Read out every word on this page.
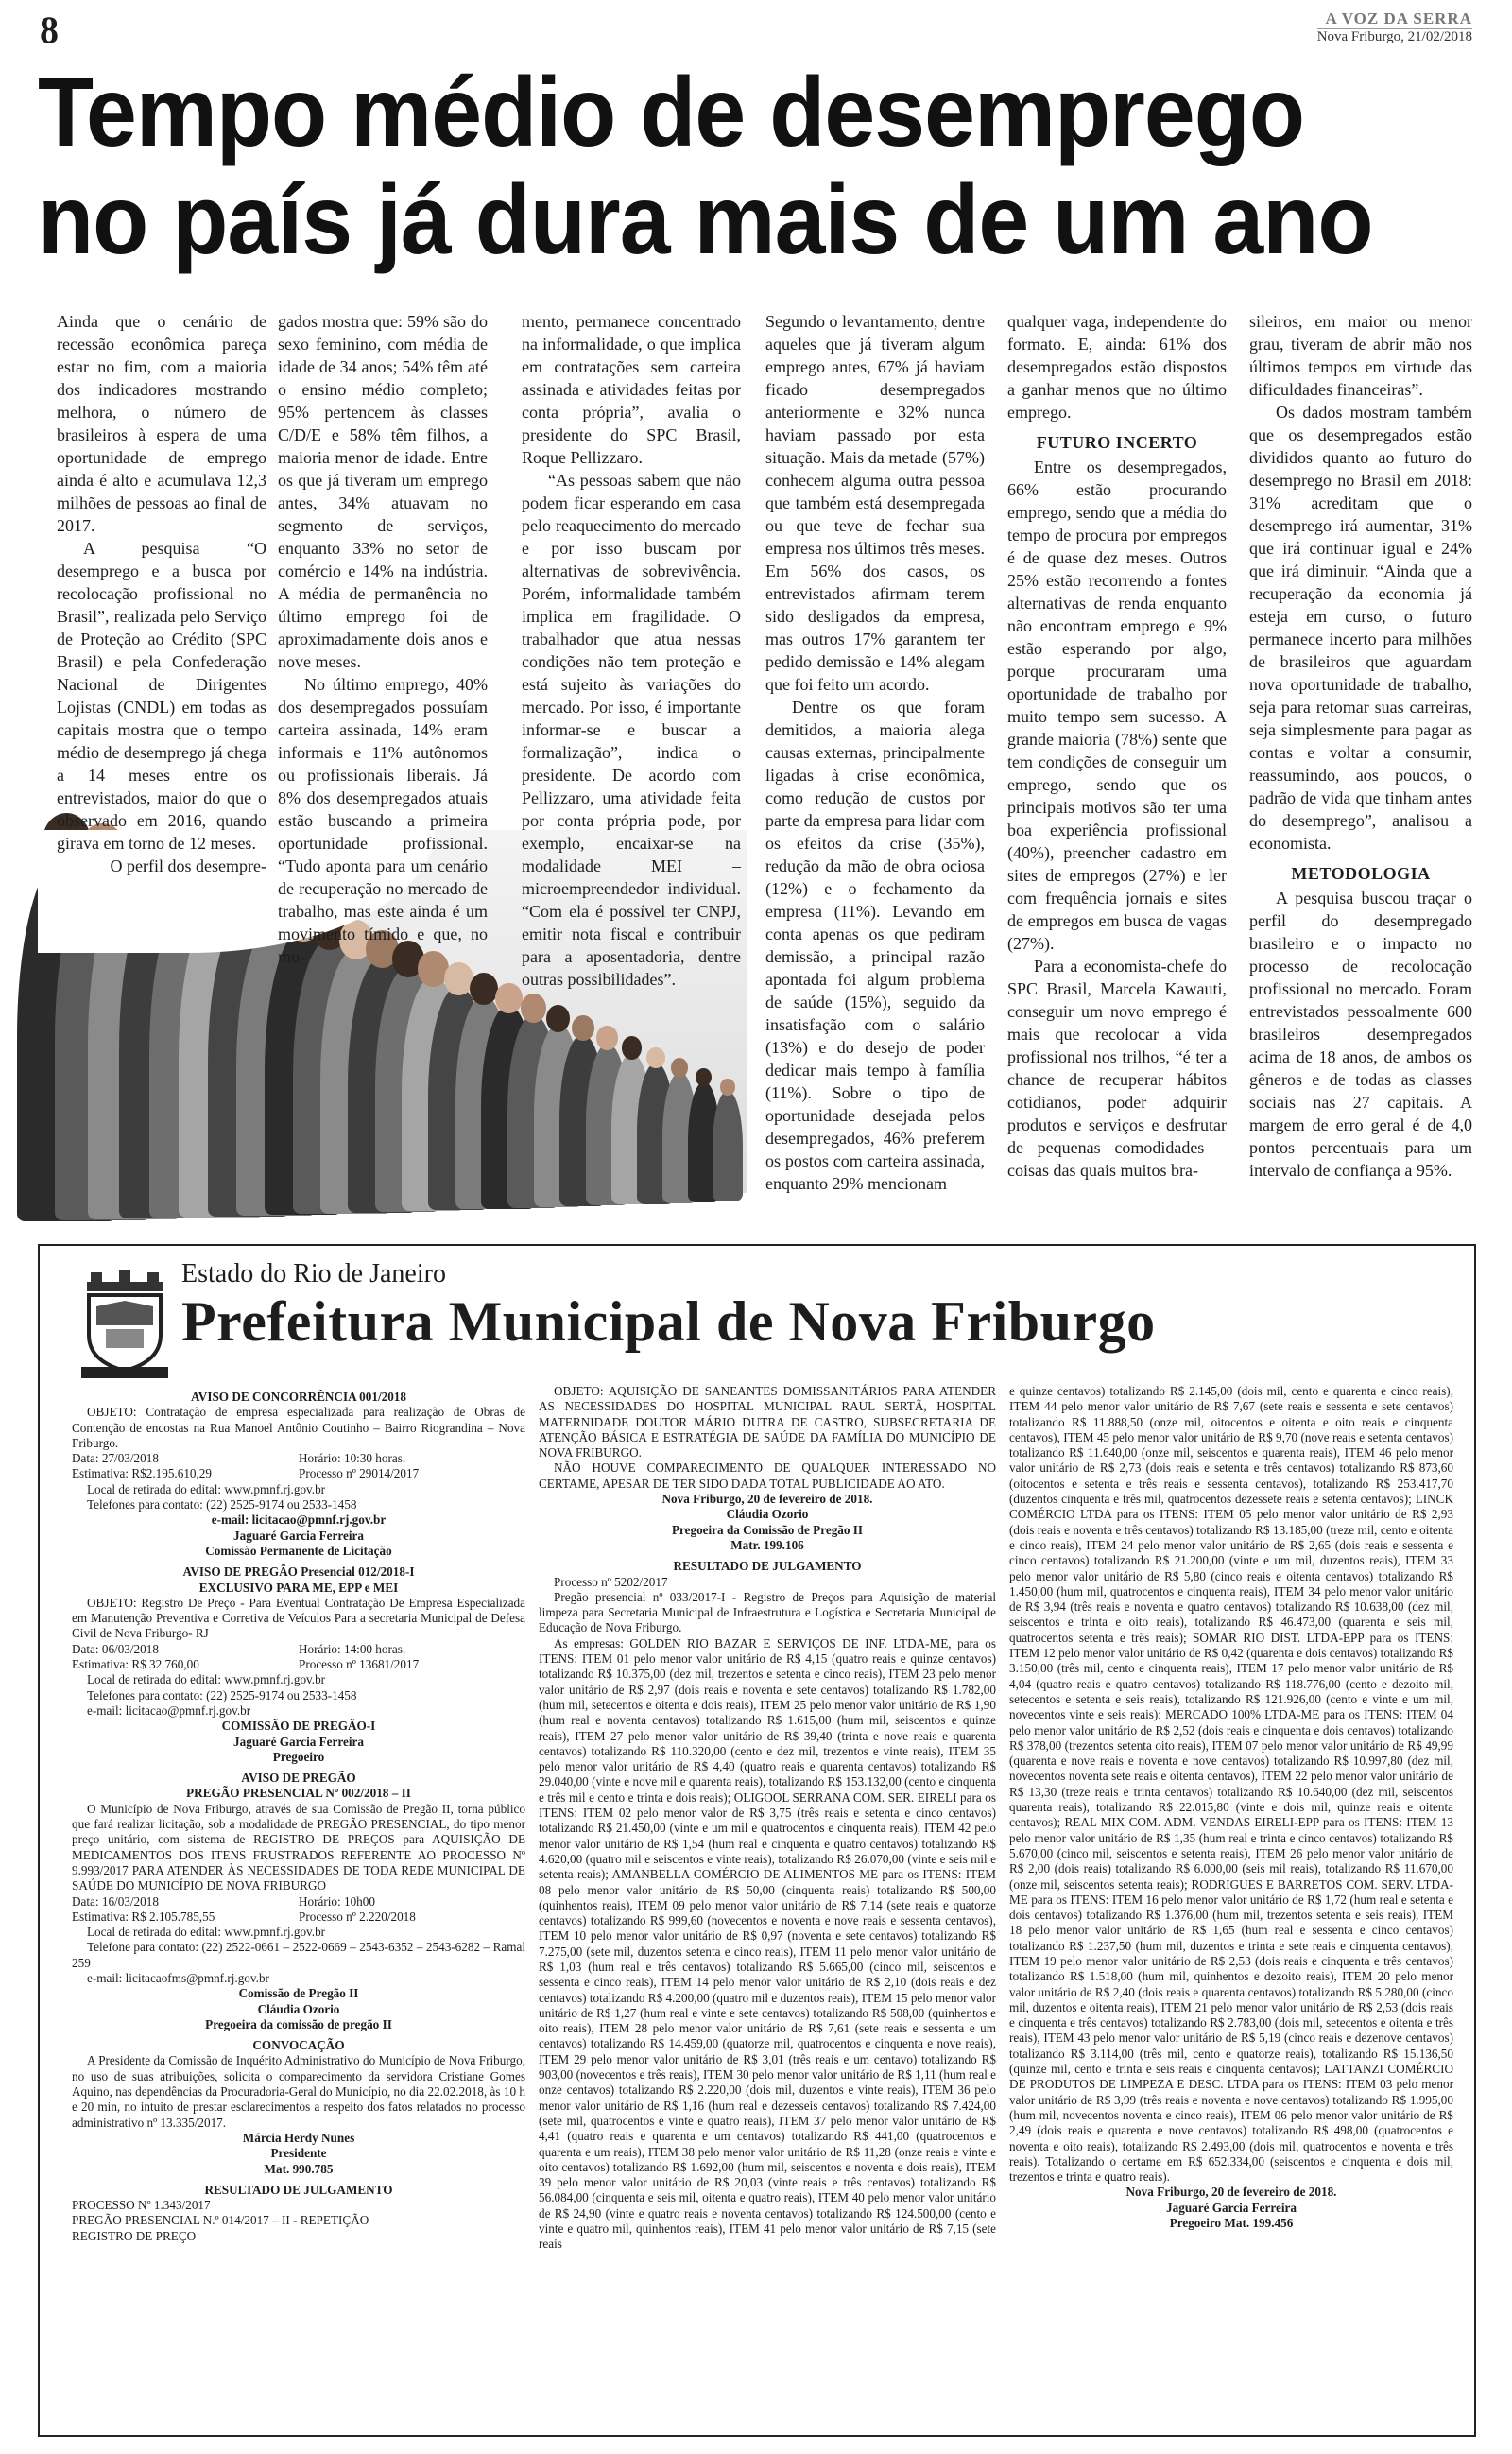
8	A VOZ DA SERRA
Nova Friburgo, 21/02/2018
Tempo médio de desemprego
no país já dura mais de um ano

Ainda que o cenário de recessão econômica pareça estar no fim, com a maioria dos indicadores mostrando melhora, o número de brasileiros à espera de uma oportunidade de emprego ainda é alto e acumulava 12,3 milhões de pessoas ao final de 2017.

A pesquisa “O desemprego e a busca por recolocação profissional no Brasil”, realizada pelo Serviço de Proteção ao Crédito (SPC Brasil) e pela Confederação Nacional de Dirigentes Lojistas (CNDL) em todas as capitais mostra que o tempo médio de desemprego já chega a 14 meses entre os entrevistados, maior do que o observado em 2016, quando girava em torno de 12 meses.

O perfil dos desempre-

gados mostra que: 59% são do sexo feminino, com média de idade de 34 anos; 54% têm até o ensino médio completo; 95% pertencem às classes C/D/E e 58% têm filhos, a maioria menor de idade. Entre os que já tiveram um emprego antes, 34% atuavam no segmento de serviços, enquanto 33% no setor de comércio e 14% na indústria. A média de permanência no último emprego foi de aproximadamente dois anos e nove meses.

No último emprego, 40% dos desempregados possuíam carteira assinada, 14% eram informais e 11% autônomos ou profissionais liberais. Já 8% dos desempregados atuais estão buscando a primeira oportunidade profissional. “Tudo aponta para um cenário de recuperação no mercado de trabalho, mas este ainda é um movimento tímido e que, no mo-

mento, permanece concentrado na informalidade, o que implica em contratações sem carteira assinada e atividades feitas por conta própria”, avalia o presidente do SPC Brasil, Roque Pellizzaro.

“As pessoas sabem que não podem ficar esperando em casa pelo reaquecimento do mercado e por isso buscam por alternativas de sobrevivência. Porém, informalidade também implica em fragilidade. O trabalhador que atua nessas condições não tem proteção e está sujeito às variações do mercado. Por isso, é importante informar-se e buscar a formalização”, indica o presidente. De acordo com Pellizzaro, uma atividade feita por conta própria pode, por exemplo, encaixar-se na modalidade MEI – microempreendedor individual. “Com ela é possível ter CNPJ, emitir nota fiscal e contribuir para a aposentadoria, dentre outras possibilidades”.

Segundo o levantamento, dentre aqueles que já tiveram algum emprego antes, 67% já haviam ficado desempregados anteriormente e 32% nunca haviam passado por esta situação. Mais da metade (57%) conhecem alguma outra pessoa que também está desempregada ou que teve de fechar sua empresa nos últimos três meses. Em 56% dos casos, os entrevistados afirmam terem sido desligados da empresa, mas outros 17% garantem ter pedido demissão e 14% alegam que foi feito um acordo.

Dentre os que foram demitidos, a maioria alega causas externas, principalmente ligadas à crise econômica, como redução de custos por parte da empresa para lidar com os efeitos da crise (35%), redução da mão de obra ociosa (12%) e o fechamento da empresa (11%). Levando em conta apenas os que pediram demissão, a principal razão apontada foi algum problema de saúde (15%), seguido da insatisfação com o salário (13%) e do desejo de poder dedicar mais tempo à família (11%). Sobre o tipo de oportunidade desejada pelos desempregados, 46% preferem os postos com carteira assinada, enquanto 29% mencionam

qualquer vaga, independente do formato. E, ainda: 61% dos desempregados estão dispostos a ganhar menos que no último emprego.

FUTURO INCERTO

Entre os desempregados, 66% estão procurando emprego, sendo que a média do tempo de procura por empregos é de quase dez meses. Outros 25% estão recorrendo a fontes alternativas de renda enquanto não encontram emprego e 9% estão esperando por algo, porque procuraram uma oportunidade de trabalho por muito tempo sem sucesso. A grande maioria (78%) sente que tem condições de conseguir um emprego, sendo que os principais motivos são ter uma boa experiência profissional (40%), preencher cadastro em sites de empregos (27%) e ler com frequência jornais e sites de empregos em busca de vagas (27%).

Para a economista-chefe do SPC Brasil, Marcela Kawauti, conseguir um novo emprego é mais que recolocar a vida profissional nos trilhos, “é ter a chance de recuperar hábitos cotidianos, poder adquirir produtos e serviços e desfrutar de pequenas comodidades – coisas das quais muitos bra-

sileiros, em maior ou menor grau, tiveram de abrir mão nos últimos tempos em virtude das dificuldades financeiras”.

Os dados mostram também que os desempregados estão divididos quanto ao futuro do desemprego no Brasil em 2018: 31% acreditam que o desemprego irá aumentar, 31% que irá continuar igual e 24% que irá diminuir. “Ainda que a recuperação da economia já esteja em curso, o futuro permanece incerto para milhões de brasileiros que aguardam nova oportunidade de trabalho, seja para retomar suas carreiras, seja simplesmente para pagar as contas e voltar a consumir, reassumindo, aos poucos, o padrão de vida que tinham antes do desemprego”, analisou a economista.

METODOLOGIA

A pesquisa buscou traçar o perfil do desempregado brasileiro e o impacto no processo de recolocação profissional no mercado. Foram entrevistados pessoalmente 600 brasileiros desempregados acima de 18 anos, de ambos os gêneros e de todas as classes sociais nas 27 capitais. A margem de erro geral é de 4,0 pontos percentuais para um intervalo de confiança a 95%.

Estado do Rio de Janeiro
Prefeitura Municipal de Nova Friburgo
AVISO DE CONCORRÊNCIA 001/2018

OBJETO: Contratação de empresa especializada para realização de Obras de Contenção de encostas na Rua Manoel Antônio Coutinho – Bairro Riograndina – Nova Friburgo.

Data: 27/03/2018	Horário: 10:30 horas.
Estimativa: R$2.195.610,29	Processo nº 29014/2017

Local de retirada do edital: www.pmnf.rj.gov.br

Telefones para contato: (22) 2525-9174 ou 2533-1458

e-mail: licitacao@pmnf.rj.gov.br
Jaguaré Garcia Ferreira
Comissão Permanente de Licitação
AVISO DE PREGÃO Presencial 012/2018-I
EXCLUSIVO PARA ME, EPP e MEI

OBJETO: Registro De Preço - Para Eventual Contratação De Empresa Especializada em Manutenção Preventiva e Corretiva de Veículos Para a secretaria Municipal de Defesa Civil de Nova Friburgo- RJ

Data: 06/03/2018	Horário: 14:00 horas.
Estimativa: R$ 32.760,00	Processo nº 13681/2017

Local de retirada do edital: www.pmnf.rj.gov.br

Telefones para contato: (22) 2525-9174 ou 2533-1458

e-mail: licitacao@pmnf.rj.gov.br

COMISSÃO DE PREGÃO-I
Jaguaré Garcia Ferreira
Pregoeiro
AVISO DE PREGÃO
PREGÃO PRESENCIAL Nº 002/2018 – II

O Município de Nova Friburgo, através de sua Comissão de Pregão II, torna público que fará realizar licitação, sob a modalidade de PREGÃO PRESENCIAL, do tipo menor preço unitário, com sistema de REGISTRO DE PREÇOS para AQUISIÇÃO DE MEDICAMENTOS DOS ITENS FRUSTRADOS REFERENTE AO PROCESSO Nº 9.993/2017 PARA ATENDER ÀS NECESSIDADES DE TODA REDE MUNICIPAL DE SAÚDE DO MUNICÍPIO DE NOVA FRIBURGO

Data: 16/03/2018	Horário: 10h00
Estimativa: R$ 2.105.785,55	Processo nº 2.220/2018

Local de retirada do edital: www.pmnf.rj.gov.br

Telefone para contato: (22) 2522-0661 – 2522-0669 – 2543-6352 – 2543-6282 – Ramal 259

e-mail: licitacaofms@pmnf.rj.gov.br

Comissão de Pregão II
Cláudia Ozorio
Pregoeira da comissão de pregão II
CONVOCAÇÃO

A Presidente da Comissão de Inquérito Administrativo do Município de Nova Friburgo, no uso de suas atribuições, solicita o comparecimento da servidora Cristiane Gomes Aquino, nas dependências da Procuradoria-Geral do Município, no dia 22.02.2018, às 10 h e 20 min, no intuito de prestar esclarecimentos a respeito dos fatos relatados no processo administrativo nº 13.335/2017.

Márcia Herdy Nunes
Presidente
Mat. 990.785
RESULTADO DE JULGAMENTO

PROCESSO Nº 1.343/2017

PREGÃO PRESENCIAL N.º 014/2017 – II - REPETIÇÃO

REGISTRO DE PREÇO

OBJETO: AQUISIÇÃO DE SANEANTES DOMISSANITÁRIOS PARA ATENDER AS NECESSIDADES DO HOSPITAL MUNICIPAL RAUL SERTÃ, HOSPITAL MATERNIDADE DOUTOR MÁRIO DUTRA DE CASTRO, SUBSECRETARIA DE ATENÇÃO BÁSICA E ESTRATÉGIA DE SAÚDE DA FAMÍLIA DO MUNICÍPIO DE NOVA FRIBURGO.

NÃO HOUVE COMPARECIMENTO DE QUALQUER INTERESSADO NO CERTAME, APESAR DE TER SIDO DADA TOTAL PUBLICIDADE AO ATO.

Nova Friburgo, 20 de fevereiro de 2018.
Cláudia Ozorio
Pregoeira da Comissão de Pregão II
Matr. 199.106
RESULTADO DE JULGAMENTO

Processo nº 5202/2017

Pregão presencial nº 033/2017-I - Registro de Preços para Aquisição de material limpeza para Secretaria Municipal de Infraestrutura e Logística e Secretaria Municipal de Educação de Nova Friburgo.

As empresas: GOLDEN RIO BAZAR E SERVIÇOS DE INF. LTDA-ME, para os ITENS: ITEM 01 pelo menor valor unitário de R$ 4,15 (quatro reais e quinze centavos) totalizando R$ 10.375,00 (dez mil, trezentos e setenta e cinco reais), ITEM 23 pelo menor valor unitário de R$ 2,97 (dois reais e noventa e sete centavos) totalizando R$ 1.782,00 (hum mil, setecentos e oitenta e dois reais), ITEM 25 pelo menor valor unitário de R$ 1,90 (hum real e noventa centavos) totalizando R$ 1.615,00 (hum mil, seiscentos e quinze reais), ITEM 27 pelo menor valor unitário de R$ 39,40 (trinta e nove reais e quarenta centavos) totalizando R$ 110.320,00 (cento e dez mil, trezentos e vinte reais), ITEM 35 pelo menor valor unitário de R$ 4,40 (quatro reais e quarenta centavos) totalizando R$ 29.040,00 (vinte e nove mil e quarenta reais), totalizando R$ 153.132,00 (cento e cinquenta e três mil e cento e trinta e dois reais); OLIGOOL SERRANA COM. SER. EIRELI para os ITENS: ITEM 02 pelo menor valor de R$ 3,75 (três reais e setenta e cinco centavos) totalizando R$ 21.450,00 (vinte e um mil e quatrocentos e cinquenta reais), ITEM 42 pelo menor valor unitário de R$ 1,54 (hum real e cinquenta e quatro centavos) totalizando R$ 4.620,00 (quatro mil e seiscentos e vinte reais), totalizando R$ 26.070,00 (vinte e seis mil e setenta reais); AMANBELLA COMÉRCIO DE ALIMENTOS ME para os ITENS: ITEM 08 pelo menor valor unitário de R$ 50,00 (cinquenta reais) totalizando R$ 500,00 (quinhentos reais), ITEM 09 pelo menor valor unitário de R$ 7,14 (sete reais e quatorze centavos) totalizando R$ 999,60 (novecentos e noventa e nove reais e sessenta centavos), ITEM 10 pelo menor valor unitário de R$ 0,97 (noventa e sete centavos) totalizando R$ 7.275,00 (sete mil, duzentos setenta e cinco reais), ITEM 11 pelo menor valor unitário de R$ 1,03 (hum real e três centavos) totalizando R$ 5.665,00 (cinco mil, seiscentos e sessenta e cinco reais), ITEM 14 pelo menor valor unitário de R$ 2,10 (dois reais e dez centavos) totalizando R$ 4.200,00 (quatro mil e duzentos reais), ITEM 15 pelo menor valor unitário de R$ 1,27 (hum real e vinte e sete centavos) totalizando R$ 508,00 (quinhentos e oito reais), ITEM 28 pelo menor valor unitário de R$ 7,61 (sete reais e sessenta e um centavos) totalizando R$ 14.459,00 (quatorze mil, quatrocentos e cinquenta e nove reais), ITEM 29 pelo menor valor unitário de R$ 3,01 (três reais e um centavo) totalizando R$ 903,00 (novecentos e três reais), ITEM 30 pelo menor valor unitário de R$ 1,11 (hum real e onze centavos) totalizando R$ 2.220,00 (dois mil, duzentos e vinte reais), ITEM 36 pelo menor valor unitário de R$ 1,16 (hum real e dezesseis centavos) totalizando R$ 7.424,00 (sete mil, quatrocentos e vinte e quatro reais), ITEM 37 pelo menor valor unitário de R$ 4,41 (quatro reais e quarenta e um centavos) totalizando R$ 441,00 (quatrocentos e quarenta e um reais), ITEM 38 pelo menor valor unitário de R$ 11,28 (onze reais e vinte e oito centavos) totalizando R$ 1.692,00 (hum mil, seiscentos e noventa e dois reais), ITEM 39 pelo menor valor unitário de R$ 20,03 (vinte reais e três centavos) totalizando R$ 56.084,00 (cinquenta e seis mil, oitenta e quatro reais), ITEM 40 pelo menor valor unitário de R$ 24,90 (vinte e quatro reais e noventa centavos) totalizando R$ 124.500,00 (cento e vinte e quatro mil, quinhentos reais), ITEM 41 pelo menor valor unitário de R$ 7,15 (sete reais

e quinze centavos) totalizando R$ 2.145,00 (dois mil, cento e quarenta e cinco reais), ITEM 44 pelo menor valor unitário de R$ 7,67 (sete reais e sessenta e sete centavos) totalizando R$ 11.888,50 (onze mil, oitocentos e oitenta e oito reais e cinquenta centavos), ITEM 45 pelo menor valor unitário de R$ 9,70 (nove reais e setenta centavos) totalizando R$ 11.640,00 (onze mil, seiscentos e quarenta reais), ITEM 46 pelo menor valor unitário de R$ 2,73 (dois reais e setenta e três centavos) totalizando R$ 873,60 (oitocentos e setenta e três reais e sessenta centavos), totalizando R$ 253.417,70 (duzentos cinquenta e três mil, quatrocentos dezessete reais e setenta centavos); LINCK COMÉRCIO LTDA para os ITENS: ITEM 05 pelo menor valor unitário de R$ 2,93 (dois reais e noventa e três centavos) totalizando R$ 13.185,00 (treze mil, cento e oitenta e cinco reais), ITEM 24 pelo menor valor unitário de R$ 2,65 (dois reais e sessenta e cinco centavos) totalizando R$ 21.200,00 (vinte e um mil, duzentos reais), ITEM 33 pelo menor valor unitário de R$ 5,80 (cinco reais e oitenta centavos) totalizando R$ 1.450,00 (hum mil, quatrocentos e cinquenta reais), ITEM 34 pelo menor valor unitário de R$ 3,94 (três reais e noventa e quatro centavos) totalizando R$ 10.638,00 (dez mil, seiscentos e trinta e oito reais), totalizando R$ 46.473,00 (quarenta e seis mil, quatrocentos setenta e três reais); SOMAR RIO DIST. LTDA-EPP para os ITENS: ITEM 12 pelo menor valor unitário de R$ 0,42 (quarenta e dois centavos) totalizando R$ 3.150,00 (três mil, cento e cinquenta reais), ITEM 17 pelo menor valor unitário de R$ 4,04 (quatro reais e quatro centavos) totalizando R$ 118.776,00 (cento e dezoito mil, setecentos e setenta e seis reais), totalizando R$ 121.926,00 (cento e vinte e um mil, novecentos vinte e seis reais); MERCADO 100% LTDA-ME para os ITENS: ITEM 04 pelo menor valor unitário de R$ 2,52 (dois reais e cinquenta e dois centavos) totalizando R$ 378,00 (trezentos setenta oito reais), ITEM 07 pelo menor valor unitário de R$ 49,99 (quarenta e nove reais e noventa e nove centavos) totalizando R$ 10.997,80 (dez mil, novecentos noventa sete reais e oitenta centavos), ITEM 22 pelo menor valor unitário de R$ 13,30 (treze reais e trinta centavos) totalizando R$ 10.640,00 (dez mil, seiscentos quarenta reais), totalizando R$ 22.015,80 (vinte e dois mil, quinze reais e oitenta centavos); REAL MIX COM. ADM. VENDAS EIRELI-EPP para os ITENS: ITEM 13 pelo menor valor unitário de R$ 1,35 (hum real e trinta e cinco centavos) totalizando R$ 5.670,00 (cinco mil, seiscentos e setenta reais), ITEM 26 pelo menor valor unitário de R$ 2,00 (dois reais) totalizando R$ 6.000,00 (seis mil reais), totalizando R$ 11.670,00 (onze mil, seiscentos setenta reais); RODRIGUES E BARRETOS COM. SERV. LTDA-ME para os ITENS: ITEM 16 pelo menor valor unitário de R$ 1,72 (hum real e setenta e dois centavos) totalizando R$ 1.376,00 (hum mil, trezentos setenta e seis reais), ITEM 18 pelo menor valor unitário de R$ 1,65 (hum real e sessenta e cinco centavos) totalizando R$ 1.237,50 (hum mil, duzentos e trinta e sete reais e cinquenta centavos), ITEM 19 pelo menor valor unitário de R$ 2,53 (dois reais e cinquenta e três centavos) totalizando R$ 1.518,00 (hum mil, quinhentos e dezoito reais), ITEM 20 pelo menor valor unitário de R$ 2,40 (dois reais e quarenta centavos) totalizando R$ 5.280,00 (cinco mil, duzentos e oitenta reais), ITEM 21 pelo menor valor unitário de R$ 2,53 (dois reais e cinquenta e três centavos) totalizando R$ 2.783,00 (dois mil, setecentos e oitenta e três reais), ITEM 43 pelo menor valor unitário de R$ 5,19 (cinco reais e dezenove centavos) totalizando R$ 3.114,00 (três mil, cento e quatorze reais), totalizando R$ 15.136,50 (quinze mil, cento e trinta e seis reais e cinquenta centavos); LATTANZI COMÉRCIO DE PRODUTOS DE LIMPEZA E DESC. LTDA para os ITENS: ITEM 03 pelo menor valor unitário de R$ 3,99 (três reais e noventa e nove centavos) totalizando R$ 1.995,00 (hum mil, novecentos noventa e cinco reais), ITEM 06 pelo menor valor unitário de R$ 2,49 (dois reais e quarenta e nove centavos) totalizando R$ 498,00 (quatrocentos e noventa e oito reais), totalizando R$ 2.493,00 (dois mil, quatrocentos e noventa e três reais). Totalizando o certame em R$ 652.334,00 (seiscentos e cinquenta e dois mil, trezentos e trinta e quatro reais).

Nova Friburgo, 20 de fevereiro de 2018.
Jaguaré Garcia Ferreira
Pregoeiro Mat. 199.456
